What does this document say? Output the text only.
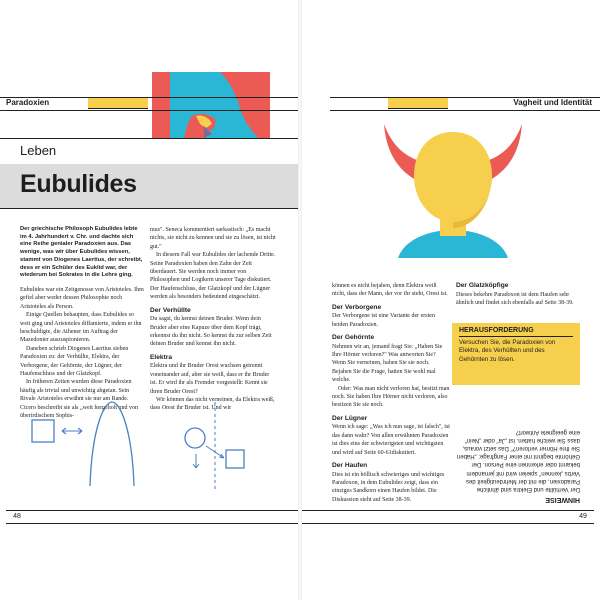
Paradoxien
Leben
Eubulides

Der griechische Philosoph Eubulides lebte im 4. Jahrhundert v. Chr. und dachte sich eine Reihe genialer Paradoxien aus. Das wenige, was wir über Eubulides wissen, stammt von Diogenes Laertius, der schreibt, dess er ein Schüler des Euklid war, der wiederum bei Sokrates in die Lehre ging.

Eubulides war ein Zeitgenosse von Aristoteles. Ihm gefiel aber weder dessen Philosophie noch Aristoteles als Person.

Einige Quellen behaupten, dass Eubulides so weit ging und Aristoteles diffamierte, indem er ihn beschuldigte, die Athener im Auftrag der Mazedonier auszuspionieren.

Daneben schrieb Diogenes Laertius sieben Paradoxien zu: der Verhüllte, Elektra, der Verborgene, der Gehörnte, der Lügner, der Haufenschluss und der Glatzkopf.

In früheren Zeiten wurden diese Paradoxien häufig als trivial und unwichtig abgetan. Sein Rivale Aristoteles erwähnt sie nur am Rande. Cicero beschreibt sie als „weit hergeholt und von überirdischem Sophis-

mus". Seneca kommentiert sarkastisch: „Es macht nichts, sie nicht zu kennen und sie zu lösen, ist nicht gut."

In diesem Fall war Eubulides der lachende Dritte. Seine Paradoxien haben den Zahn der Zeit überdauert. Sie werden noch immer von Philosophen und Logikern unserer Tage diskutiert. Der Haufenschluss, der Glatzkopf und der Lügner werden als besonders bedeutend eingeschätzt.

Der Verhüllte

Du sagst, du kennst deinen Bruder. Wenn dein Bruder aber eine Kapuze über dem Kopf trägt, erkennst du ihn nicht. So kennst du zur selben Zeit deinen Bruder und kennst ihn nicht.

Elektra

Elektra und ihr Bruder Orest wuchsen getrennt voneinander auf, aber sie weiß, dass er ihr Bruder ist. Er wird ihr als Fremder vorgestellt: Kennt sie ihren Bruder Orest?

Wir können das nicht verneinen, da Elektra weiß, dass Orest ihr Bruder ist. Und wir

48
Vagheit und Identität

können es nicht bejahen, denn Elektra weiß nicht, dass der Mann, der vor ihr steht, Orest ist.

Der Verborgene

Der Verborgene ist eine Variante der ersten beiden Paradoxien.

Der Gehörnte

Nehmen wir an, jemand fragt Sie: „Haben Sie Ihre Hörner verloren?" Was antworten Sie? Wenn Sie verneinen, haben Sie sie noch. Bejahen Sie die Frage, hatten Sie wohl mal welche.

Oder: Was man nicht verloren hat, besitzt man noch. Sie haben Ihre Hörner nicht verloren, also besitzen Sie sie noch.

Der Lügner

Wenn ich sage: „Was ich nun sage, ist falsch", ist das dann wahr? Von allen erwähnten Paradoxien ist dies eins der schwierigsten und wichtigsten und wird auf Seite 60-61diskutiert.

Der Haufen

Dies ist ein höllisch schwieriges und wichtiges Paradoxon, in dem Eubulides zeigt, dass ein einziges Sandkorn einen Haufen bildet. Die Diskussion steht auf Seite 38-39.

Der Glatzköpfige

Dieses bekehre Paradoxon ist dem Haufen sehr ähnlich und findet sich ebenfalls auf Seite 38-39.

HERAUSFORDERUNG
Versuchen Sie, die Paradoxien von Elektra, des Verhüllten und des Gehörnten zu lösen.
HINWEISE
Der Verhüllte und Elektra sind ähnliche Paradoxien, die mit der Mehrdeutigkeit des Verbs „kennen" spielen wird mit jemandem bekannt oder erkennen eine Person. Der Gehörnte beginnt mit einer Fangfrage: „Haben Sie Ihre Hörner verloren?" Das setzt voraus, dass Sie welche hatten. Ist „Ja" oder „Nein" eine geeignete Antwort?
49
